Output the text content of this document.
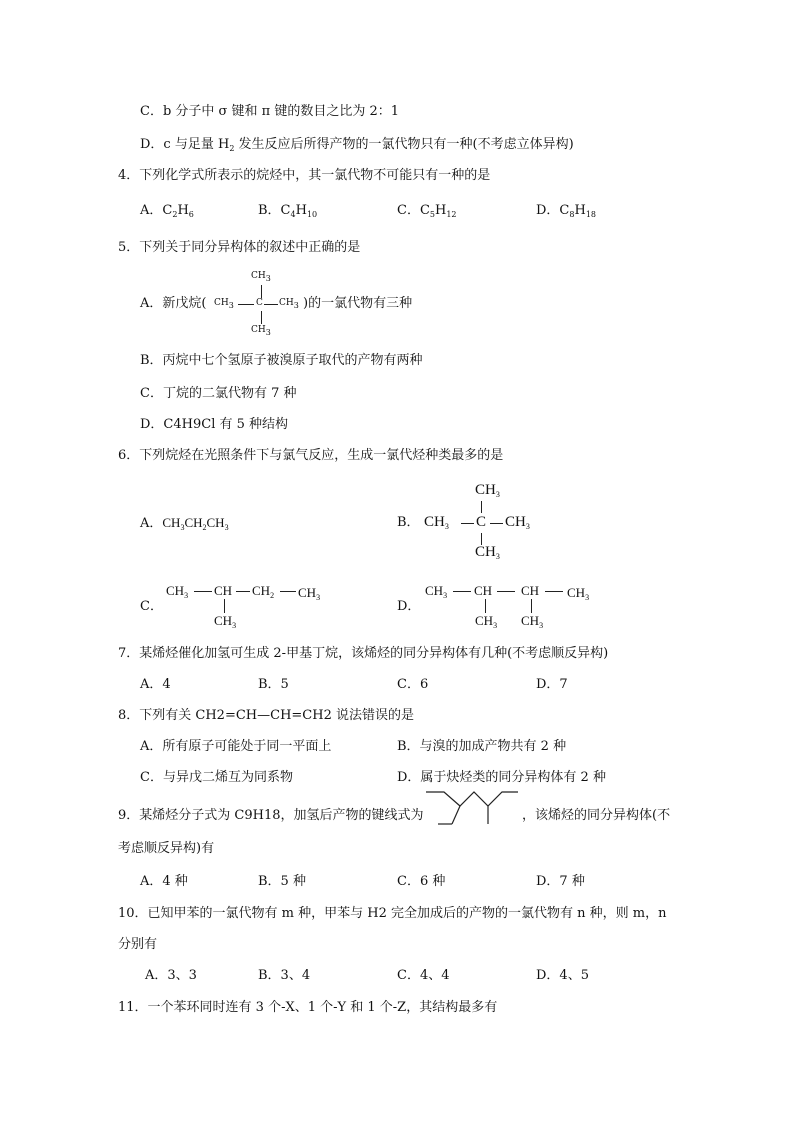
C．b 分子中 σ 键和 π 键的数目之比为 2：1
D．c 与足量 $H_2$ 发生反应后所得产物的一氯代物只有一种(不考虑立体异构)
4．下列化学式所表示的烷烃中，其一氯代物不可能只有一种的是
A．$C_2H_6$	B．$C_4H_{10}$	C．$C_5H_{12}$	D．$C_8H_{18}$
5．下列关于同分异构体的叙述中正确的是
A．新戊烷(
$CH_3$
$CH_3$ C $CH_3$
$CH_3$
)的一氯代物有三种
B．丙烷中七个氢原子被溴原子取代的产物有两种
C．丁烷的二氯代物有 7 种
D．C4H9Cl 有 5 种结构
6．下列烷烃在光照条件下与氯气反应，生成一氯代烃种类最多的是
A．$CH_3CH_2CH_3$	B．
$CH_3$
$CH_3$ C $CH_3$
$CH_3$
C．
$CH_3$ CH $CH_2$ $CH_3$
$CH_3$
D．
$CH_3$ CH CH $CH_3$
$CH_3$ $CH_3$
7．某烯烃催化加氢可生成 2-甲基丁烷，该烯烃的同分异构体有几种(不考虑顺反异构)
A．4	B．5	C．6	D．7
8．下列有关 CH2=CH—CH=CH2 说法错误的是
A．所有原子可能处于同一平面上	B．与溴的加成产物共有 2 种
C．与异戊二烯互为同系物	D．属于炔烃类的同分异构体有 2 种
9．某烯烃分子式为 C9H18，加氢后产物的键线式为	，该烯烃的同分异构体(不
考虑顺反异构)有
A．4 种	B．5 种	C．6 种	D．7 种
10．已知甲苯的一氯代物有 m 种，甲苯与 H2 完全加成后的产物的一氯代物有 n 种，则 m，n
分别有
A．3、3	B．3、4	C．4、4	D．4、5
11．一个苯环同时连有 3 个-X、1 个-Y 和 1 个-Z，其结构最多有
